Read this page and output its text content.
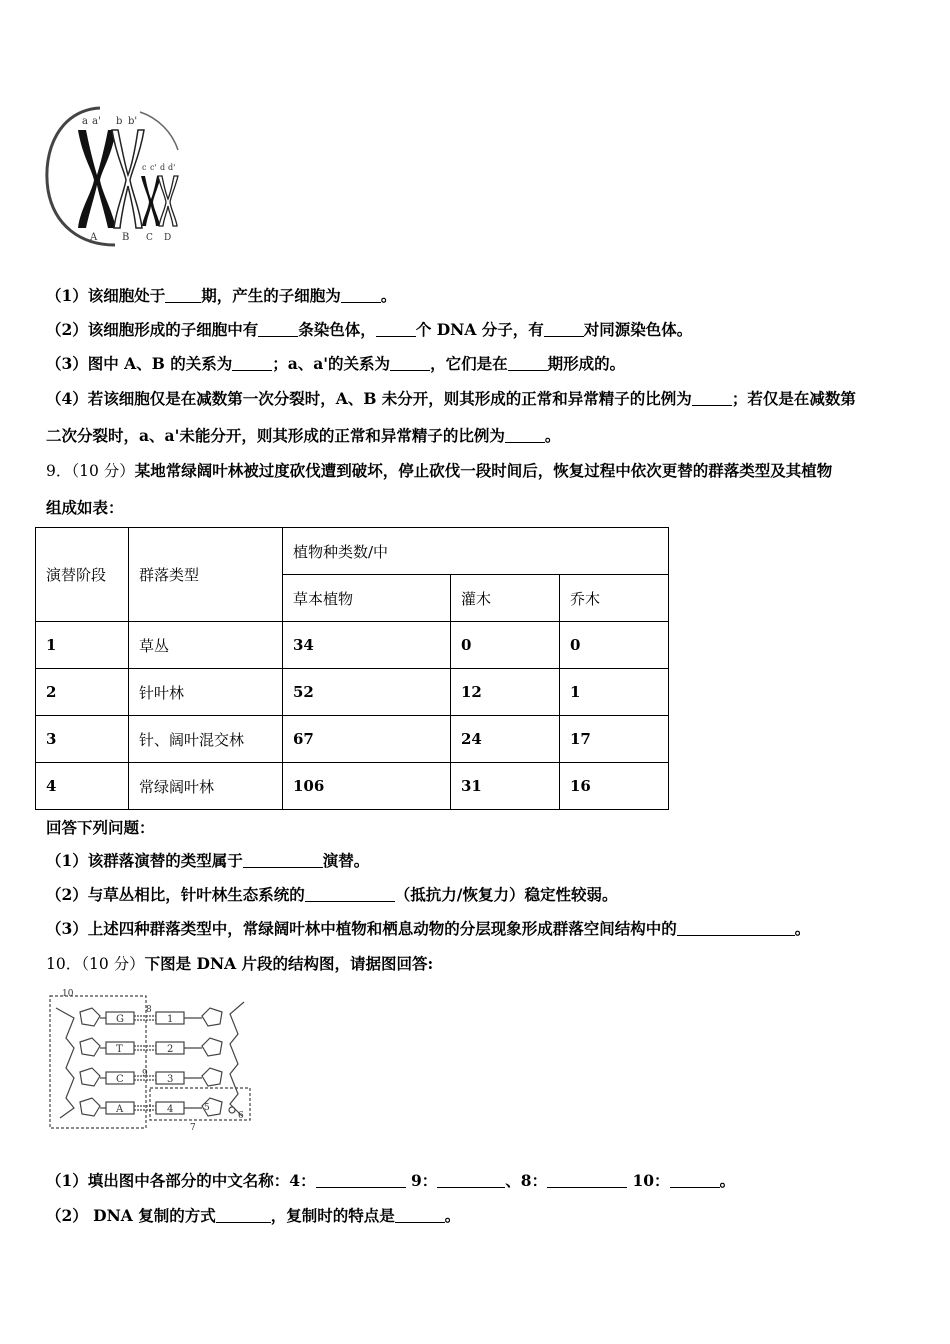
a a' b b'
c c' d d'
A B C D
（1）该细胞处于 期，产生的子细胞为	。
（2）该细胞形成的子细胞中有	条染色体，	个 DNA 分子，有	对同源染色体。
（3）图中 A、B 的关系为	；a、a'的关系为	，它们是在	期形成的。
（4）若该细胞仅是在减数第一次分裂时，A、B 未分开，则其形成的正常和异常精子的比例为	；若仅是在减数第
二次分裂时，a、a'未能分开，则其形成的正常和异常精子的比例为	。
9．（10 分）某地常绿阔叶林被过度砍伐遭到破坏，停止砍伐一段时间后，恢复过程中依次更替的群落类型及其植物
组成如表：
演替阶段	群落类型	植物种类数/中		
		草本植物	灌木	乔木
1	草丛	34	0	0
2	针叶林	52	12	1
3	针、阔叶混交林	67	24	17
4	常绿阔叶林	106	31	16
回答下列问题：
（1）该群落演替的类型属于	演替。
（2）与草丛相比，针叶林生态系统的	（抵抗力/恢复力）稳定性较弱。
（3）上述四种群落类型中，常绿阔叶林中植物和栖息动物的分层现象形成群落空间结构中的	。
10．（10 分）下图是 DNA 片段的结构图，请据图回答:
G
T
C
A
1
2
3
4	5
6
7
8
9
10
（1）填出图中各部分的中文名称：4：	9：	、8：	10：	。
（2） DNA 复制的方式	，复制时的特点是	。
